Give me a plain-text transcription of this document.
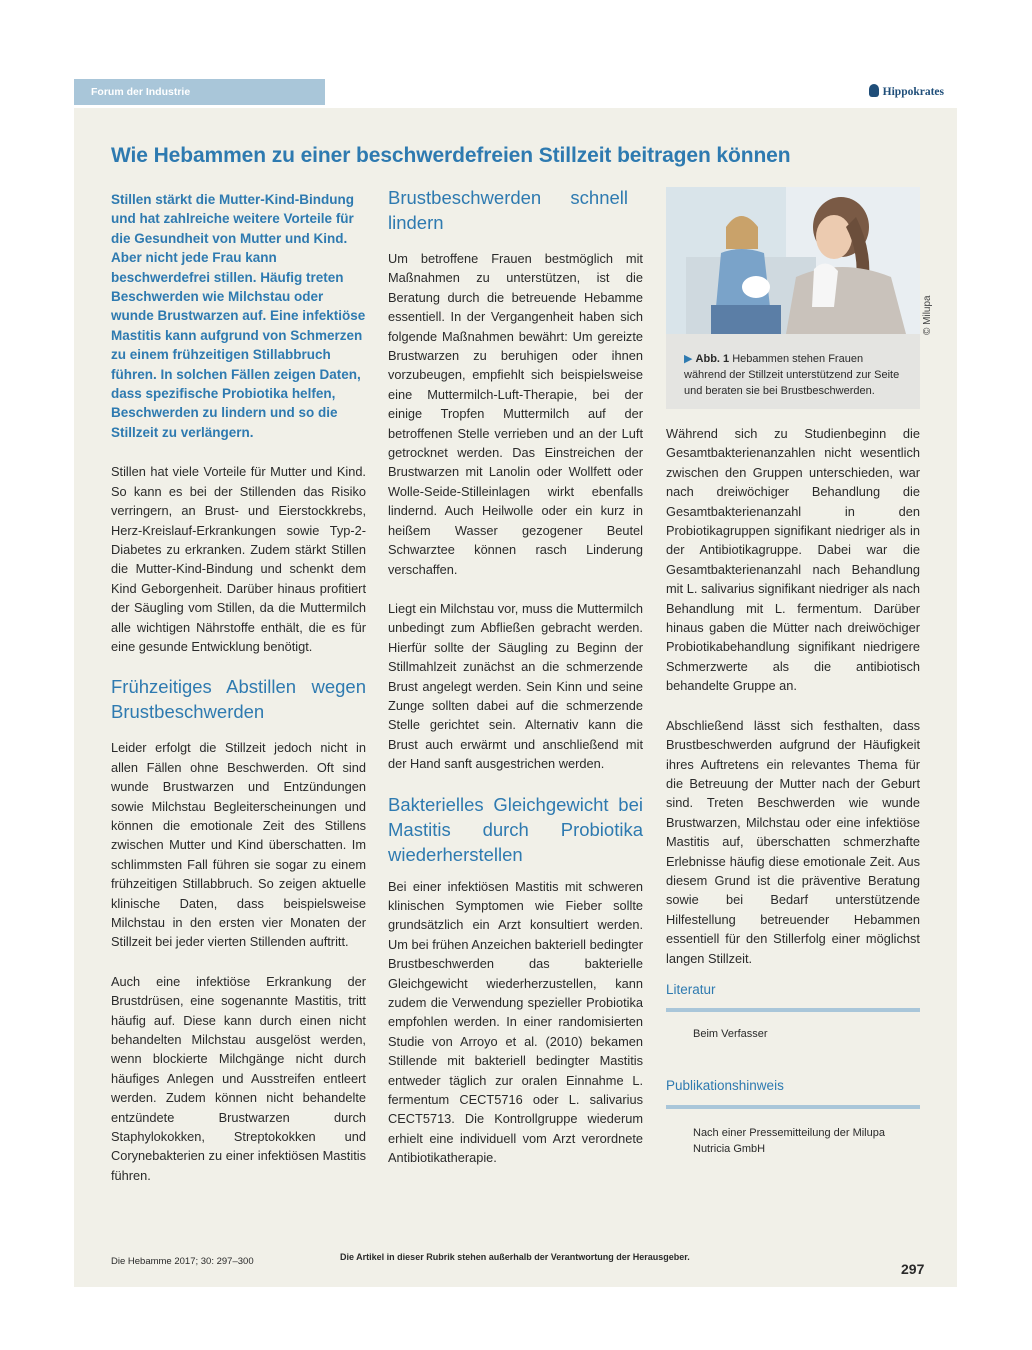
Forum der Industrie	Hippokrates
Wie Hebammen zu einer beschwerdefreien Stillzeit beitragen können

Stillen stärkt die Mutter-Kind-Bindung und hat zahlreiche weitere Vorteile für die Gesundheit von Mutter und Kind. Aber nicht jede Frau kann beschwerdefrei stillen. Häufig treten Beschwerden wie Milchstau oder wunde Brustwarzen auf. Eine infektiöse Mastitis kann aufgrund von Schmerzen zu einem frühzeitigen Stillabbruch führen. In solchen Fällen zeigen Daten, dass spezifische Probiotika helfen, Beschwerden zu lindern und so die Stillzeit zu verlängern.

Stillen hat viele Vorteile für Mutter und Kind. So kann es bei der Stillenden das Risiko verringern, an Brust- und Eierstockkrebs, Herz-Kreislauf-Erkrankungen sowie Typ-2-Diabetes zu erkranken. Zudem stärkt Stillen die Mutter-Kind-Bindung und schenkt dem Kind Geborgenheit. Darüber hinaus profitiert der Säugling vom Stillen, da die Muttermilch alle wichtigen Nährstoffe enthält, die es für eine gesunde Entwicklung benötigt.

Frühzeitiges Abstillen wegen Brustbeschwerden

Leider erfolgt die Stillzeit jedoch nicht in allen Fällen ohne Beschwerden. Oft sind wunde Brustwarzen und Entzündungen sowie Milchstau Begleiterscheinungen und können die emotionale Zeit des Stillens zwischen Mutter und Kind überschatten. Im schlimmsten Fall führen sie sogar zu einem frühzeitigen Stillabbruch. So zeigen aktuelle klinische Daten, dass beispielsweise Milchstau in den ersten vier Monaten der Stillzeit bei jeder vierten Stillenden auftritt.

Auch eine infektiöse Erkrankung der Brustdrüsen, eine sogenannte Mastitis, tritt häufig auf. Diese kann durch einen nicht behandelten Milchstau ausgelöst werden, wenn blockierte Milchgänge nicht durch häufiges Anlegen und Ausstreifen entleert werden. Zudem können nicht behandelte entzündete Brustwarzen durch Staphylokokken, Streptokokken und Corynebakterien zu einer infektiösen Mastitis führen.

Brustbeschwerden schnell lindern

Um betroffene Frauen bestmöglich mit Maßnahmen zu unterstützen, ist die Beratung durch die betreuende Hebamme essentiell. In der Vergangenheit haben sich folgende Maßnahmen bewährt: Um gereizte Brustwarzen zu beruhigen oder ihnen vorzubeugen, empfiehlt sich beispielsweise eine Muttermilch-Luft-Therapie, bei der einige Tropfen Muttermilch auf der betroffenen Stelle verrieben und an der Luft getrocknet werden. Das Einstreichen der Brustwarzen mit Lanolin oder Wollfett oder Wolle-Seide-Stilleinlagen wirkt ebenfalls lindernd. Auch Heilwolle oder ein kurz in heißem Wasser gezogener Beutel Schwarztee können rasch Linderung verschaffen.

Liegt ein Milchstau vor, muss die Muttermilch unbedingt zum Abfließen gebracht werden. Hierfür sollte der Säugling zu Beginn der Stillmahlzeit zunächst an die schmerzende Brust angelegt werden. Sein Kinn und seine Zunge sollten dabei auf die schmerzende Stelle gerichtet sein. Alternativ kann die Brust auch erwärmt und anschließend mit der Hand sanft ausgestrichen werden.

Bakterielles Gleichgewicht bei Mastitis durch Probiotika wiederherstellen

Bei einer infektiösen Mastitis mit schweren klinischen Symptomen wie Fieber sollte grundsätzlich ein Arzt konsultiert werden. Um bei frühen Anzeichen bakteriell bedingter Brustbeschwerden das bakterielle Gleichgewicht wiederherzustellen, kann zudem die Verwendung spezieller Probiotika empfohlen werden. In einer randomisierten Studie von Arroyo et al. (2010) bekamen Stillende mit bakteriell bedingter Mastitis entweder täglich zur oralen Einnahme L. fermentum CECT5716 oder L. salivarius CECT5713. Die Kontrollgruppe wiederum erhielt eine individuell vom Arzt verordnete Antibiotikatherapie.

▶ Abb. 1 Hebammen stehen Frauen während der Stillzeit unterstützend zur Seite und beraten sie bei Brustbeschwerden.
© Milupa

Während sich zu Studienbeginn die Gesamtbakterienanzahlen nicht wesentlich zwischen den Gruppen unterschieden, war nach dreiwöchiger Behandlung die Gesamtbakterienanzahl in den Probiotikagruppen signifikant niedriger als in der Antibiotikagruppe. Dabei war die Gesamtbakterienanzahl nach Behandlung mit L. salivarius signifikant niedriger als nach Behandlung mit L. fermentum. Darüber hinaus gaben die Mütter nach dreiwöchiger Probiotikabehandlung signifikant niedrigere Schmerzwerte als die antibiotisch behandelte Gruppe an.

Abschließend lässt sich festhalten, dass Brustbeschwerden aufgrund der Häufigkeit ihres Auftretens ein relevantes Thema für die Betreuung der Mutter nach der Geburt sind. Treten Beschwerden wie wunde Brustwarzen, Milchstau oder eine infektiöse Mastitis auf, überschatten schmerzhafte Erlebnisse häufig diese emotionale Zeit. Aus diesem Grund ist die präventive Beratung sowie bei Bedarf unterstützende Hilfestellung betreuender Hebammen essentiell für den Stillerfolg einer möglichst langen Stillzeit.

Literatur

Beim Verfasser

Publikationshinweis

Nach einer Pressemitteilung der Milupa Nutricia GmbH

Die Hebamme 2017; 30: 297–300	Die Artikel in dieser Rubrik stehen außerhalb der Verantwortung der Herausgeber.
297
